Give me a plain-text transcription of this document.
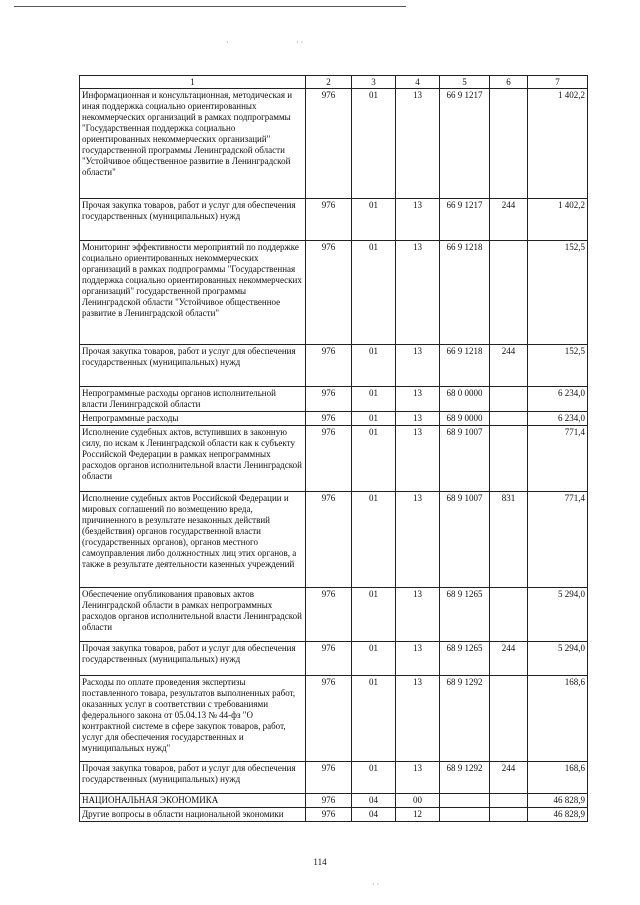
·	· ·
· ·
1	2	3	4	5	6	7
Информационная и консультационная, методическая и иная поддержка социально ориентированных некоммерческих организаций в рамках подпрограммы "Государственная поддержка социально ориентированных некоммерческих организаций" государственной программы Ленинградской области "Устойчивое общественное развитие в Ленинградской области"	976	01	13	66 9 1217		1 402,2
Прочая закупка товаров, работ и услуг для обеспечения государственных (муниципальных) нужд	976	01	13	66 9 1217	244	1 402,2
Мониторинг эффективности мероприятий по поддержке социально ориентированных некоммерческих организаций в рамках подпрограммы "Государственная поддержка социально ориентированных некоммерческих организаций" государственной программы Ленинградской области "Устойчивое общественное развитие в Ленинградской области"	976	01	13	66 9 1218		152,5
Прочая закупка товаров, работ и услуг для обеспечения государственных (муниципальных) нужд	976	01	13	66 9 1218	244	152,5
Непрограммные расходы органов исполнительной власти Ленинградской области	976	01	13	68 0 0000		6 234,0
Непрограммные расходы	976	01	13	68 9 0000		6 234,0
Исполнение судебных актов, вступивших в законную силу, по искам к Ленинградской области как к субъекту Российской Федерации в рамках непрограммных расходов органов исполнительной власти Ленинградской области	976	01	13	68 9 1007		771,4
Исполнение судебных актов Российской Федерации и мировых соглашений по возмещению вреда, причиненного в результате незаконных действий (бездействия) органов государственной власти (государственных органов), органов местного самоуправления либо должностных лиц этих органов, а также в результате деятельности казенных учреждений	976	01	13	68 9 1007	831	771,4
Обеспечение опубликования правовых актов Ленинградской области в рамках непрограммных расходов органов исполнительной власти Ленинградской области	976	01	13	68 9 1265		5 294,0
Прочая закупка товаров, работ и услуг для обеспечения государственных (муниципальных) нужд	976	01	13	68 9 1265	244	5 294,0
Расходы по оплате проведения экспертизы поставленного товара, результатов выполненных работ, оказанных услуг в соответствии с требованиями федерального закона от 05.04.13 № 44-фз "О контрактной системе в сфере закупок товаров, работ, услуг для обеспечения государственных и муниципальных нужд"	976	01	13	68 9 1292		168,6
Прочая закупка товаров, работ и услуг для обеспечения государственных (муниципальных) нужд	976	01	13	68 9 1292	244	168,6
НАЦИОНАЛЬНАЯ ЭКОНОМИКА	976	04	00			46 828,9
Другие вопросы в области национальной экономики	976	04	12			46 828,9
114
